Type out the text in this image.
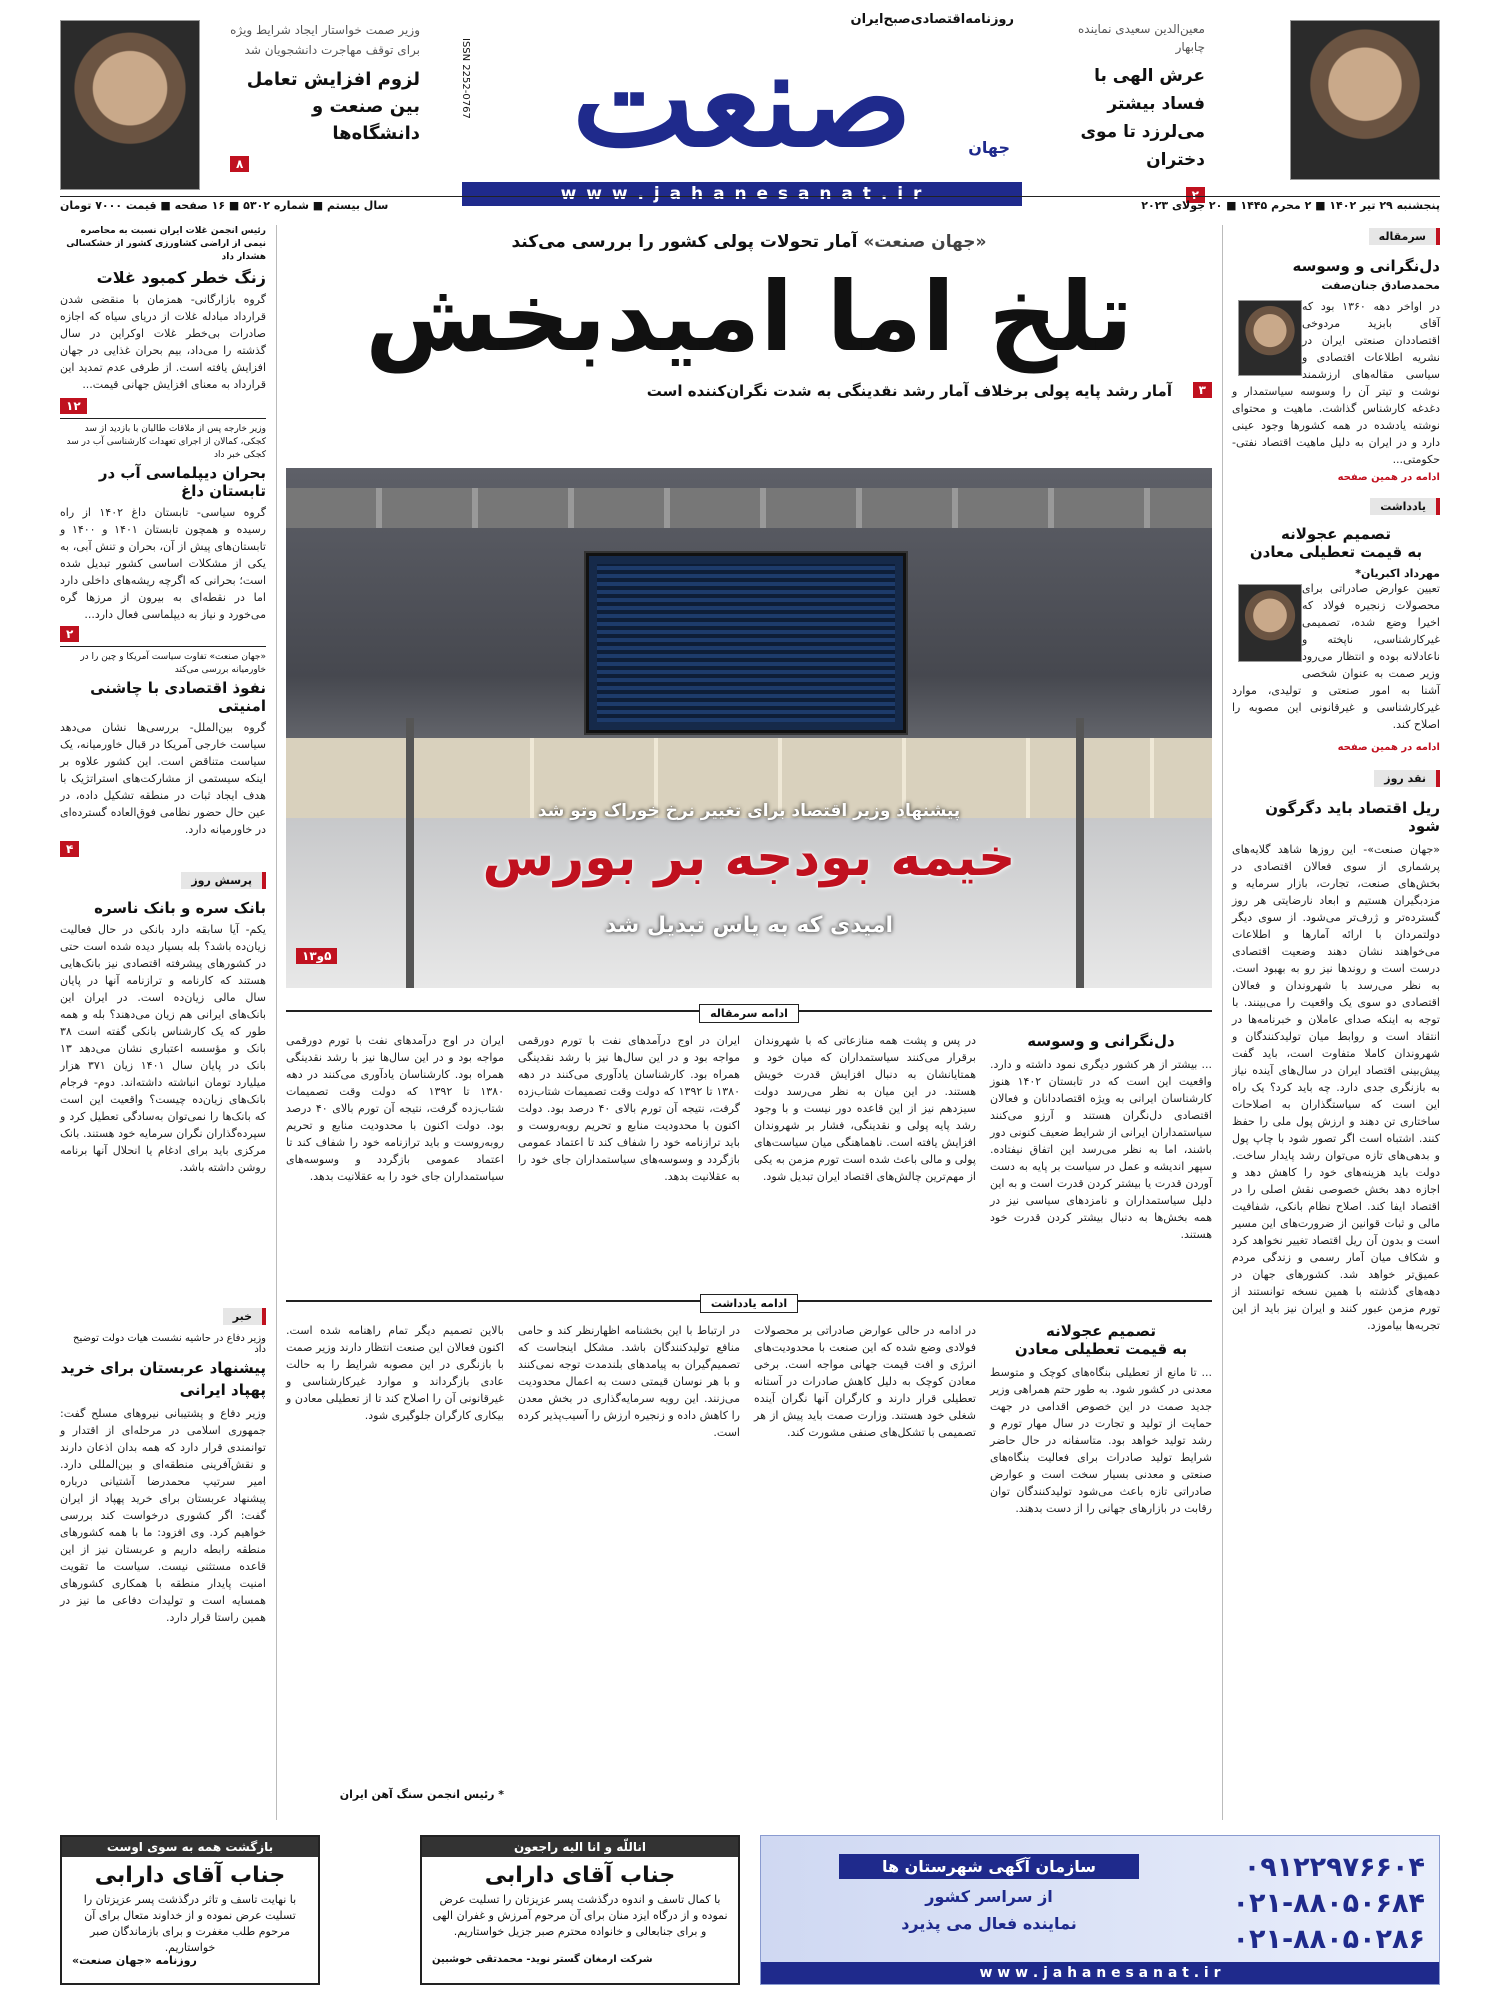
معین‌الدین سعیدی نماینده چابهار
عرش الهی با فساد بیشتر می‌لرزد تا موی دختران
۲
روزنامه‌اقتصادی‌صبح‌ایران
صنعت	جهان
ISSN 2252-0767
w w w . j a h a n e s a n a t . i r
وزیر صمت خواستار ایجاد شرایط ویژه برای توقف مهاجرت دانشجویان شد
لزوم افزایش تعامل بین صنعت و دانشگاه‌ها
۸
پنجشنبه ۲۹ تیر ۱۴۰۲ ■ ۲ محرم ۱۴۴۵ ■ ۲۰ جولای ۲۰۲۳
سال بیستم ■ شماره ۵۳۰۲ ■ ۱۶ صفحه ■ قیمت ۷۰۰۰ تومان
سرمقاله
دل‌نگرانی و وسوسه
محمدصادق جنان‌صفت
در اواخر دهه ۱۳۶۰ بود که آقای بابزید مردوخی اقتصاددان صنعتی ایران در نشریه اطلاعات اقتصادی و سیاسی مقاله‌های ارزشمند نوشت و تیتر آن را وسوسه سیاستمدار و دغدغه کارشناس گذاشت. ماهیت و محتوای نوشته یادشده در همه کشورها وجود عینی دارد و در ایران به دلیل ماهیت اقتصاد نفتی-حکومتی...
ادامه در همین صفحه
یادداشت
تصمیم عجولانه
به قیمت تعطیلی معادن
مهرداد اکبریان*
تعیین عوارض صادراتی برای محصولات زنجیره فولاد که اخیرا وضع شده، تصمیمی غیرکارشناسی، ناپخته و ناعادلانه بوده و انتظار می‌رود وزیر صمت به عنوان شخصی آشنا به امور صنعتی و تولیدی، موارد غیرکارشناسی و غیرقانونی این مصوبه را اصلاح کند.
ادامه در همین صفحه
نقد روز
ریل اقتصاد باید دگرگون شود
«جهان صنعت»- این روزها شاهد گلایه‌های پرشماری از سوی فعالان اقتصادی در بخش‌های صنعت، تجارت، بازار سرمایه و مزدبگیران هستیم و ابعاد نارضایتی هر روز گسترده‌تر و ژرف‌تر می‌شود. از سوی دیگر دولتمردان با ارائه آمارها و اطلاعات می‌خواهند نشان دهند وضعیت اقتصادی درست است و روندها نیز رو به بهبود است. به نظر می‌رسد با شهروندان و فعالان اقتصادی دو سوی یک واقعیت را می‌بینند. با توجه به اینکه صدای عاملان و خبرنامه‌ها در انتقاد است و روابط میان تولیدکنندگان و شهروندان کاملا متفاوت است، باید گفت پیش‌بینی اقتصاد ایران در سال‌های آینده نیاز به بازنگری جدی دارد. چه باید کرد؟ یک راه این است که سیاستگذاران به اصلاحات ساختاری تن دهند و ارزش پول ملی را حفظ کنند. اشتباه است اگر تصور شود با چاپ پول و بدهی‌های تازه می‌توان رشد پایدار ساخت. دولت باید هزینه‌های خود را کاهش دهد و اجازه دهد بخش خصوصی نقش اصلی را در اقتصاد ایفا کند. اصلاح نظام بانکی، شفافیت مالی و ثبات قوانین از ضرورت‌های این مسیر است و بدون آن ریل اقتصاد تغییر نخواهد کرد و شکاف میان آمار رسمی و زندگی مردم عمیق‌تر خواهد شد. کشورهای جهان در دهه‌های گذشته با همین نسخه توانستند از تورم مزمن عبور کنند و ایران نیز باید از این تجربه‌ها بیاموزد.
رئیس انجمن غلات ایران نسبت به محاصره نیمی از اراضی کشاورزی کشور از خشکسالی هشدار داد
زنگ خطر کمبود غلات
گروه بازارگانی- همزمان با منقضی شدن قرارداد مبادله غلات از دریای سیاه که اجازه صادرات بی‌خطر غلات اوکراین در سال گذشته را می‌داد، بیم بحران غذایی در جهان افزایش یافته است. از طرفی عدم تمدید این قرارداد به معنای افزایش جهانی قیمت...
۱۲
وزیر خارجه پس از ملاقات طالبان با بازدید از سد کجکی، کمالان از اجرای تعهدات کارشناسی آب در سد کجکی خبر داد
بحران دیپلماسی آب در تابستان داغ
گروه سیاسی- تابستان داغ ۱۴۰۲ از راه رسیده و همچون تابستان ۱۴۰۱ و ۱۴۰۰ و تابستان‌های پیش از آن، بحران و تنش آبی، به یکی از مشکلات اساسی کشور تبدیل شده است؛ بحرانی که اگرچه ریشه‌های داخلی دارد اما در نقطه‌ای به بیرون از مرزها گره می‌خورد و نیاز به دیپلماسی فعال دارد...
۲
«جهان صنعت» تفاوت سیاست آمریکا و چین را در خاورمیانه بررسی می‌کند
نفوذ اقتصادی با چاشنی امنیتی
گروه بین‌الملل- بررسی‌ها نشان می‌دهد سیاست خارجی آمریکا در قبال خاورمیانه، یک سیاست متناقض است. این کشور علاوه بر اینکه سیستمی از مشارکت‌های استراتژیک با هدف ایجاد ثبات در منطقه تشکیل داده، در عین حال حضور نظامی فوق‌العاده گسترده‌ای در خاورمیانه دارد.
۴
پرسش روز
بانک سره و بانک ناسره
یکم- آیا سابقه دارد بانکی در حال فعالیت زیان‌ده باشد؟ بله بسیار دیده شده است حتی در کشورهای پیشرفته اقتصادی نیز بانک‌هایی هستند که کارنامه و ترازنامه آنها در پایان سال مالی زیان‌ده است. در ایران این بانک‌های ایرانی هم زیان می‌دهند؟ بله و همه‌ طور که یک کارشناس بانکی گفته است ۳۸ بانک و مؤسسه اعتباری نشان می‌دهد ۱۳ بانک در پایان سال ۱۴۰۱ زیان ۳۷۱ هزار میلیارد تومان انباشته داشته‌اند. دوم- فرجام بانک‌های زیان‌ده چیست؟ واقعیت این است که بانک‌ها را نمی‌توان به‌سادگی تعطیل کرد و سپرده‌گذاران نگران سرمایه خود هستند. بانک مرکزی باید برای ادغام یا انحلال آنها برنامه روشن داشته باشد.
خبر
وزیر دفاع در حاشیه نشست هیات دولت توضیح داد
پیشنهاد عربستان برای خرید پهپاد ایرانی
وزیر دفاع و پشتیبانی نیروهای مسلح گفت: جمهوری اسلامی در مرحله‌ای از اقتدار و توانمندی قرار دارد که همه بدان اذعان دارند و نقش‌آفرینی منطقه‌ای و بین‌المللی دارد. امیر سرتیپ محمدرضا آشتیانی درباره پیشنهاد عربستان برای خرید پهپاد از ایران گفت: اگر کشوری درخواست کند بررسی خواهیم کرد. وی افزود: ما با همه کشورهای منطقه رابطه داریم و عربستان نیز از این قاعده مستثنی نیست. سیاست ما تقویت امنیت پایدار منطقه با همکاری کشورهای همسایه است و تولیدات دفاعی ما نیز در همین راستا قرار دارد.
«جهان صنعت» آمار تحولات پولی کشور را بررسی می‌کند
تلخ اما امیدبخش
آمار رشد پایه پولی برخلاف آمار رشد نقدینگی به شدت نگران‌کننده است	۳
پیشنهاد وزیر اقتصاد برای تغییر نرخ خوراک وتو شد
خیمه بودجه بر بورس
امیدی که به یاس تبدیل شد
۵و۱۳
ادامه سرمقاله
دل‌نگرانی و وسوسه
... بیشتر از هر کشور دیگری نمود داشته و دارد. واقعیت این است که در تابستان ۱۴۰۲ هنوز کارشناسان ایرانی به ویژه اقتصاددانان و فعالان اقتصادی دل‌نگران هستند و آرزو می‌کنند سیاستمداران ایرانی از شرایط ضعیف کنونی دور باشند، اما به نظر می‌رسد این اتفاق نیفتاده. سپهر اندیشه و عمل در سیاست بر پایه به دست آوردن قدرت یا بیشتر کردن قدرت است و به این دلیل سیاستمداران و نامزدهای سیاسی نیز در همه بخش‌ها به دنبال بیشتر کردن قدرت خود هستند.
در پس و پشت همه منازعاتی که با شهروندان برقرار می‌کنند سیاستمداران که میان خود و همتایانشان به دنبال افزایش قدرت خویش هستند. در این میان به نظر می‌رسد دولت سیزدهم نیز از این قاعده دور نیست و با وجود رشد پایه پولی و نقدینگی، فشار بر شهروندان افزایش یافته است. ناهماهنگی میان سیاست‌های پولی و مالی باعث شده است تورم مزمن به یکی از مهم‌ترین چالش‌های اقتصاد ایران تبدیل شود.
ایران در اوج درآمدهای نفت با تورم دورقمی مواجه بود و در این سال‌ها نیز با رشد نقدینگی همراه بود. کارشناسان یادآوری می‌کنند در دهه ۱۳۸۰ تا ۱۳۹۲ که دولت وقت تصمیمات شتاب‌زده گرفت، نتیجه آن تورم بالای ۴۰ درصد بود. دولت اکنون با محدودیت منابع و تحریم روبه‌روست و باید ترازنامه خود را شفاف کند تا اعتماد عمومی بازگردد و وسوسه‌های سیاستمداران جای خود را به عقلانیت بدهد.
ایران در اوج درآمدهای نفت با تورم دورقمی مواجه بود و در این سال‌ها نیز با رشد نقدینگی همراه بود. کارشناسان یادآوری می‌کنند در دهه ۱۳۸۰ تا ۱۳۹۲ که دولت وقت تصمیمات شتاب‌زده گرفت، نتیجه آن تورم بالای ۴۰ درصد بود. دولت اکنون با محدودیت منابع و تحریم روبه‌روست و باید ترازنامه خود را شفاف کند تا اعتماد عمومی بازگردد و وسوسه‌های سیاستمداران جای خود را به عقلانیت بدهد.
ادامه یادداشت
تصمیم عجولانه
به قیمت تعطیلی معادن
... تا مانع از تعطیلی بنگاه‌های کوچک و متوسط معدنی در کشور شود. به طور حتم همراهی وزیر جدید صمت در این خصوص اقدامی در جهت حمایت از تولید و تجارت در سال مهار تورم و رشد تولید خواهد بود. متاسفانه در حال حاضر شرایط تولید صادرات برای فعالیت بنگاه‌های صنعتی و معدنی بسیار سخت است و عوارض صادراتی تازه باعث می‌شود تولیدکنندگان توان رقابت در بازارهای جهانی را از دست بدهند.
در ادامه در حالی عوارض صادراتی بر محصولات فولادی وضع شده که این صنعت با محدودیت‌های انرژی و افت قیمت جهانی مواجه است. برخی معادن کوچک به دلیل کاهش صادرات در آستانه تعطیلی قرار دارند و کارگران آنها نگران آینده شغلی خود هستند. وزارت صمت باید پیش از هر تصمیمی با تشکل‌های صنفی مشورت کند.
در ارتباط با این بخشنامه اظهارنظر کند و حامی منافع تولیدکنندگان باشد. مشکل اینجاست که تصمیم‌گیران به پیامدهای بلندمدت توجه نمی‌کنند و با هر نوسان قیمتی دست به اعمال محدودیت می‌زنند. این رویه سرمایه‌گذاری در بخش معدن را کاهش داده و زنجیره ارزش را آسیب‌پذیر کرده است.
بالاین تصمیم دیگر تمام راهنامه شده است. اکنون فعالان این صنعت انتظار دارند وزیر صمت با بازنگری در این مصوبه شرایط را به حالت عادی بازگرداند و موارد غیرکارشناسی و غیرقانونی آن را اصلاح کند تا از تعطیلی معادن و بیکاری کارگران جلوگیری شود.
* رئیس انجمن سنگ آهن ایران
بازگشت همه به سوی اوست
جناب آقای دارابی
با نهایت تاسف و تاثر درگذشت پسر عزیزتان را تسلیت عرض نموده و از خداوند متعال برای آن مرحوم طلب مغفرت و برای بازماندگان صبر خواستاریم.
روزنامه «جهان صنعت»
اناللّه و انا الیه راجعون
جناب آقای دارابی
با کمال تاسف و اندوه درگذشت پسر عزیزتان را تسلیت عرض نموده و از درگاه ایزد منان برای آن مرحوم آمرزش و غفران الهی و برای جنابعالی و خانواده محترم صبر جزیل خواستاریم.
شرکت ارمغان گستر نوید- محمدتقی خوشبین
۰۹۱۲۲۹۷۶۶۰۴
۰۲۱-۸۸۰۵۰۶۸۴
۰۲۱-۸۸۰۵۰۲۸۶
سازمان آگهی شهرستان ها
از سراسر کشور
نماینده فعال می پذیرد
w w w . j a h a n e s a n a t . i r
